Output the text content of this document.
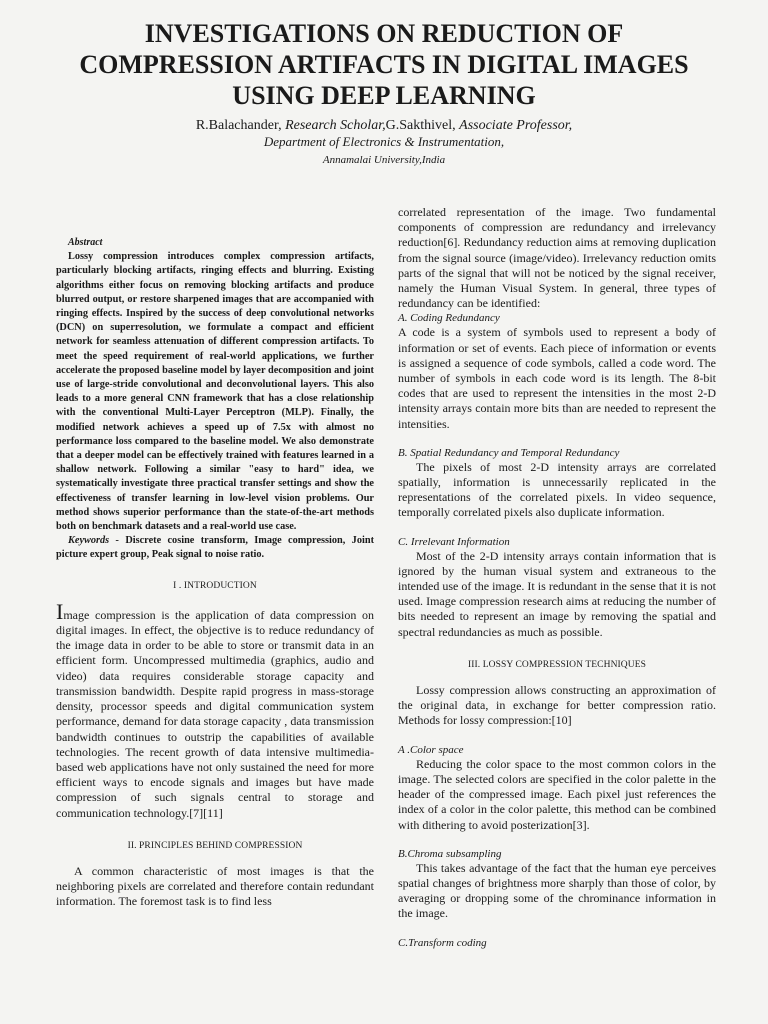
INVESTIGATIONS ON REDUCTION OF COMPRESSION ARTIFACTS IN DIGITAL IMAGES USING DEEP LEARNING
R.Balachander, Research Scholar,G.Sakthivel, Associate Professor,
Department of Electronics & Instrumentation,
Annamalai University,India
Abstract

Lossy compression introduces complex compression artifacts, particularly blocking artifacts, ringing effects and blurring. Existing algorithms either focus on removing blocking artifacts and produce blurred output, or restore sharpened images that are accompanied with ringing effects. Inspired by the success of deep convolutional networks (DCN) on superresolution, we formulate a compact and efficient network for seamless attenuation of different compression artifacts. To meet the speed requirement of real-world applications, we further accelerate the proposed baseline model by layer decomposition and joint use of large-stride convolutional and deconvolutional layers. This also leads to a more general CNN framework that has a close relationship with the conventional Multi-Layer Perceptron (MLP). Finally, the modified network achieves a speed up of 7.5x with almost no performance loss compared to the baseline model. We also demonstrate that a deeper model can be effectively trained with features learned in a shallow network. Following a similar "easy to hard" idea, we systematically investigate three practical transfer settings and show the effectiveness of transfer learning in low-level vision problems. Our method shows superior performance than the state-of-the-art methods both on benchmark datasets and a real-world use case.

Keywords - Discrete cosine transform, Image compression, Joint picture expert group, Peak signal to noise ratio.

I . INTRODUCTION

Image compression is the application of data compression on digital images. In effect, the objective is to reduce redundancy of the image data in order to be able to store or transmit data in an efficient form. Uncompressed multimedia (graphics, audio and video) data requires considerable storage capacity and transmission bandwidth. Despite rapid progress in mass-storage density, processor speeds and digital communication system performance, demand for data storage capacity , data transmission bandwidth continues to outstrip the capabilities of available technologies. The recent growth of data intensive multimedia-based web applications have not only sustained the need for more efficient ways to encode signals and images but have made compression of such signals central to storage and communication technology.[7][11]

II. PRINCIPLES BEHIND COMPRESSION

A common characteristic of most images is that the neighboring pixels are correlated and therefore contain redundant information. The foremost task is to find less

correlated representation of the image. Two fundamental components of compression are redundancy and irrelevancy reduction[6]. Redundancy reduction aims at removing duplication from the signal source (image/video). Irrelevancy reduction omits parts of the signal that will not be noticed by the signal receiver, namely the Human Visual System. In general, three types of redundancy can be identified:

A. Coding Redundancy

A code is a system of symbols used to represent a body of information or set of events. Each piece of information or events is assigned a sequence of code symbols, called a code word. The number of symbols in each code word is its length. The 8-bit codes that are used to represent the intensities in the most 2-D intensity arrays contain more bits than are needed to represent the intensities.

B. Spatial Redundancy and Temporal Redundancy

The pixels of most 2-D intensity arrays are correlated spatially, information is unnecessarily replicated in the representations of the correlated pixels. In video sequence, temporally correlated pixels also duplicate information.

C. Irrelevant Information

Most of the 2-D intensity arrays contain information that is ignored by the human visual system and extraneous to the intended use of the image. It is redundant in the sense that it is not used. Image compression research aims at reducing the number of bits needed to represent an image by removing the spatial and spectral redundancies as much as possible.

III. LOSSY COMPRESSION TECHNIQUES

Lossy compression allows constructing an approximation of the original data, in exchange for better compression ratio. Methods for lossy compression:[10]

A .Color space

Reducing the color space to the most common colors in the image. The selected colors are specified in the color palette in the header of the compressed image. Each pixel just references the index of a color in the color palette, this method can be combined with dithering to avoid posterization[3].

B.Chroma subsampling

This takes advantage of the fact that the human eye perceives spatial changes of brightness more sharply than those of color, by averaging or dropping some of the chrominance information in the image.

C.Transform coding
